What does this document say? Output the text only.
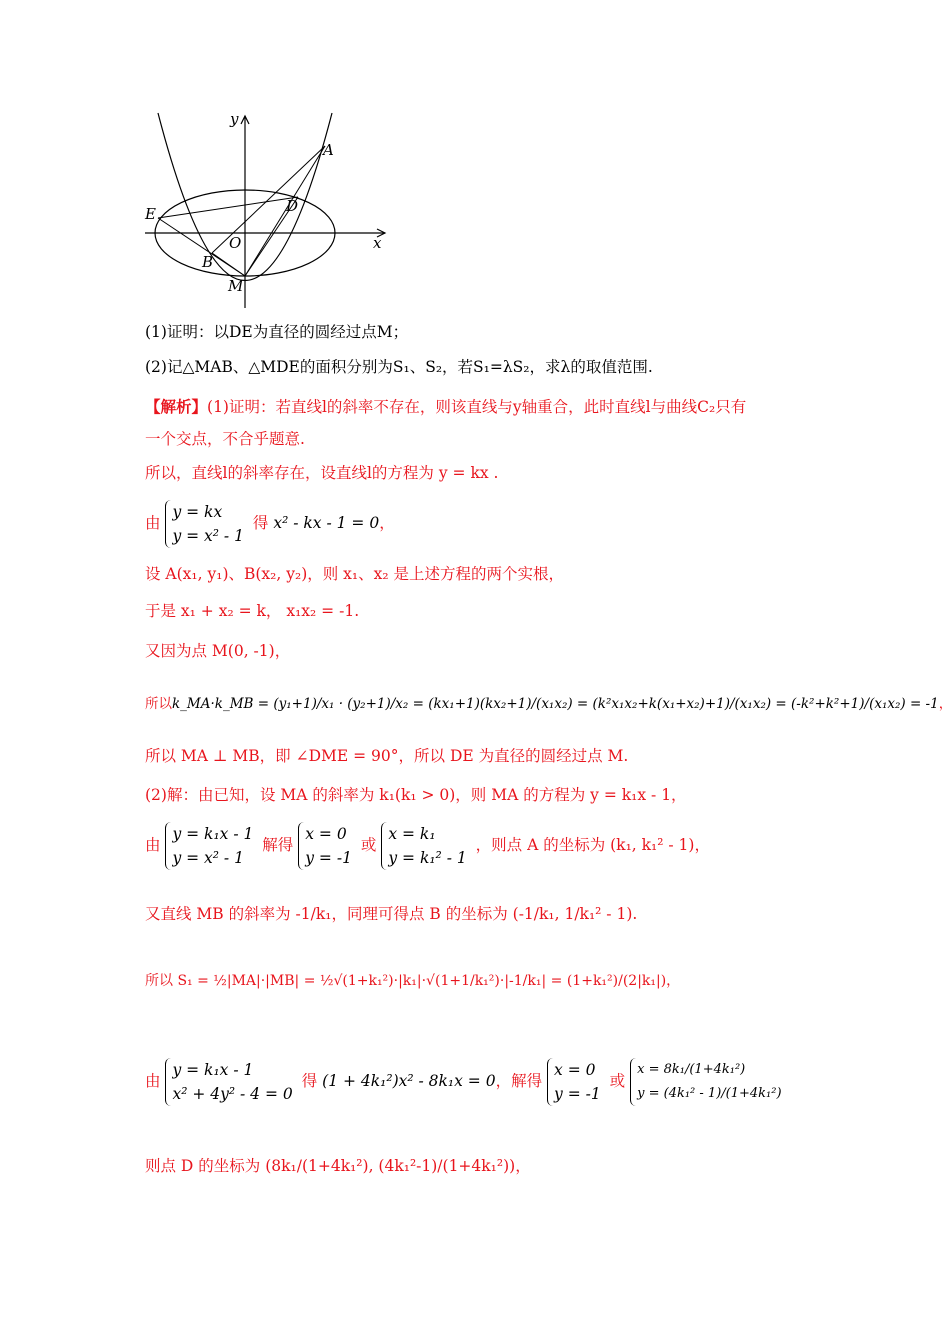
y
x
A
D
E
O
B
M
(1)证明：以DE为直径的圆经过点M；
(2)记△MAB、△MDE的面积分别为S₁、S₂，若S₁=λS₂，求λ的取值范围.
【解析】(1)证明：若直线l的斜率不存在，则该直线与y轴重合，此时直线l与曲线C₂只有
一个交点，不合乎题意.
所以，直线l的斜率存在，设直线l的方程为 y = kx .
由
y = kx
y = x² - 1
得 x² - kx - 1 = 0，
设 A(x₁, y₁)、B(x₂, y₂)，则 x₁、x₂ 是上述方程的两个实根，
于是 x₁ + x₂ = k， x₁x₂ = -1.
又因为点 M(0, -1)，
所以k_MA·k_MB = (y₁+1)/x₁ · (y₂+1)/x₂ = (kx₁+1)(kx₂+1)/(x₁x₂) = (k²x₁x₂+k(x₁+x₂)+1)/(x₁x₂) = (-k²+k²+1)/(x₁x₂) = -1，
所以 MA ⊥ MB，即 ∠DME = 90°，所以 DE 为直径的圆经过点 M.
(2)解：由已知，设 MA 的斜率为 k₁(k₁ > 0)，则 MA 的方程为 y = k₁x - 1，
由
y = k₁x - 1
y = x² - 1
解得
x = 0
y = -1
或
x = k₁
y = k₁² - 1
，则点 A 的坐标为 (k₁, k₁² - 1)，
又直线 MB 的斜率为 -1/k₁，同理可得点 B 的坐标为 (-1/k₁, 1/k₁² - 1).
所以 S₁ = ½|MA|·|MB| = ½√(1+k₁²)·|k₁|·√(1+1/k₁²)·|-1/k₁| = (1+k₁²)/(2|k₁|)，
由
y = k₁x - 1
x² + 4y² - 4 = 0
得 (1 + 4k₁²)x² - 8k₁x = 0，解得
x = 0
y = -1
或
x = 8k₁/(1+4k₁²)
y = (4k₁² - 1)/(1+4k₁²)
则点 D 的坐标为 (8k₁/(1+4k₁²), (4k₁²-1)/(1+4k₁²))，
